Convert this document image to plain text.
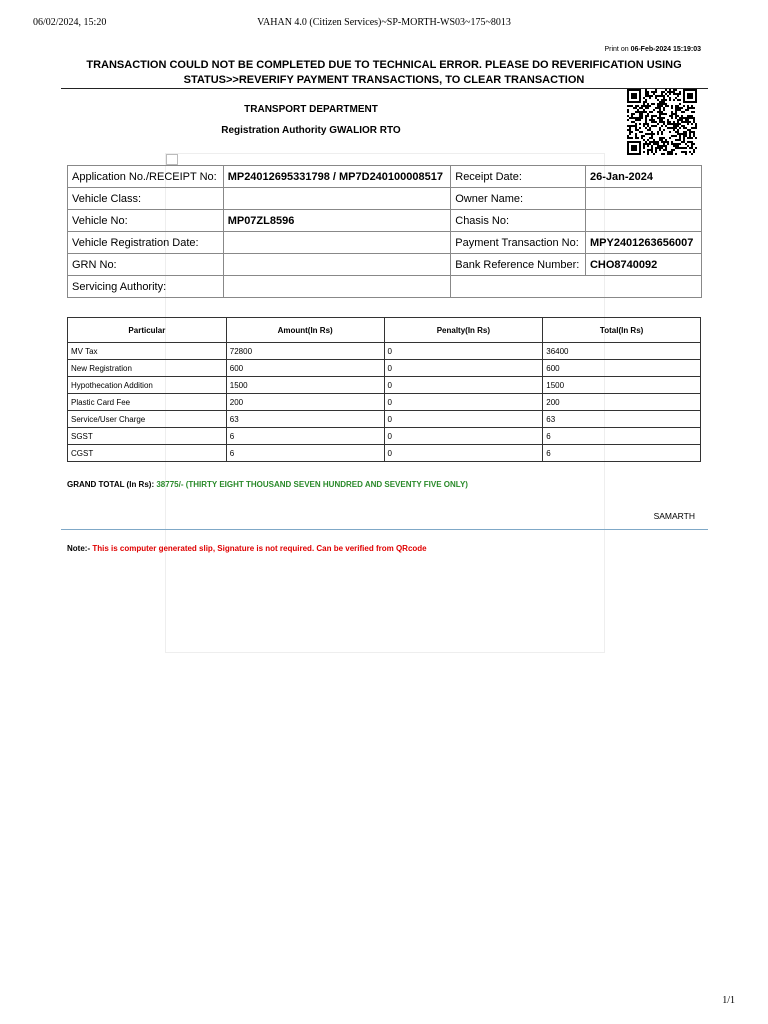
06/02/2024, 15:20	VAHAN 4.0 (Citizen Services)~SP-MORTH-WS03~175~8013
Print on 06-Feb-2024 15:19:03
TRANSACTION COULD NOT BE COMPLETED DUE TO TECHNICAL ERROR. PLEASE DO REVERIFICATION USING
STATUS>>REVERIFY PAYMENT TRANSACTIONS, TO CLEAR TRANSACTION
TRANSPORT DEPARTMENT
Registration Authority GWALIOR RTO
Application No./RECEIPT No:	MP24012695331798 / MP7D240100008517	Receipt Date:	26-Jan-2024
Vehicle Class:		Owner Name:	
Vehicle No:	MP07ZL8596	Chasis No:	
Vehicle Registration Date:		Payment Transaction No:	MPY2401263656007
GRN No:		Bank Reference Number:	CHO8740092
Servicing Authority:			
Particular	Amount(In Rs)	Penalty(In Rs)	Total(In Rs)
MV Tax	72800	0	36400
New Registration	600	0	600
Hypothecation Addition	1500	0	1500
Plastic Card Fee	200	0	200
Service/User Charge	63	0	63
SGST	6	0	6
CGST	6	0	6
GRAND TOTAL (In Rs): 38775/- (THIRTY EIGHT THOUSAND SEVEN HUNDRED AND SEVENTY FIVE ONLY)
SAMARTH
Note:- This is computer generated slip, Signature is not required. Can be verified from QRcode
1/1
